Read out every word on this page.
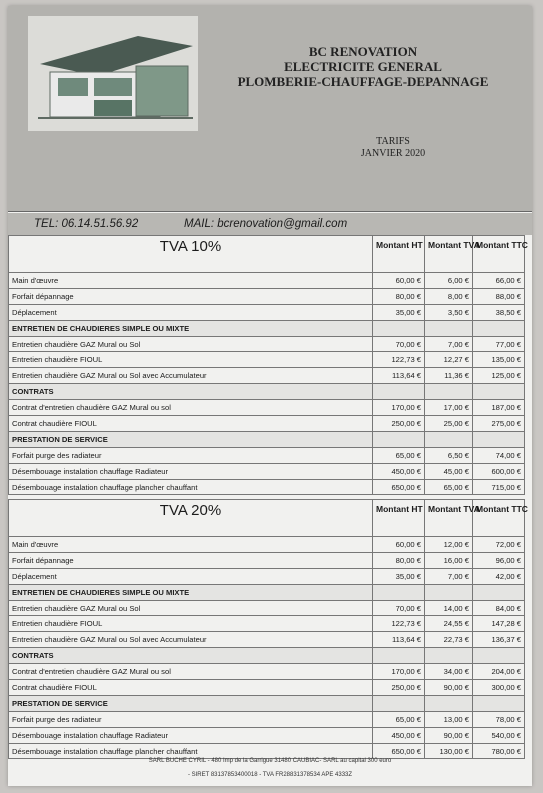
BC RENOVATION
ELECTRICITE GENERAL
PLOMBERIE-CHAUFFAGE-DEPANNAGE
TARIFS
JANVIER 2020
TEL: 06.14.51.56.92	MAIL: bcrenovation@gmail.com
TVA 10%	Montant HT	Montant TVA	Montant TTC
Main d'œuvre	60,00 €	6,00 €	66,00 €
Forfait dépannage	80,00 €	8,00 €	88,00 €
Déplacement	35,00 €	3,50 €	38,50 €
ENTRETIEN DE CHAUDIERES SIMPLE OU MIXTE			
Entretien chaudière GAZ Mural ou Sol	70,00 €	7,00 €	77,00 €
Entretien chaudière FIOUL	122,73 €	12,27 €	135,00 €
Entretien chaudière GAZ Mural ou Sol avec Accumulateur	113,64 €	11,36 €	125,00 €
CONTRATS			
Contrat d'entretien chaudière GAZ Mural ou sol	170,00 €	17,00 €	187,00 €
Contrat chaudière FIOUL	250,00 €	25,00 €	275,00 €
PRESTATION DE SERVICE			
Forfait purge des radiateur	65,00 €	6,50 €	74,00 €
Désembouage instalation chauffage Radiateur	450,00 €	45,00 €	600,00 €
Désembouage instalation chauffage plancher chauffant	650,00 €	65,00 €	715,00 €
TVA 20%	Montant HT	Montant TVA	Montant TTC
Main d'œuvre	60,00 €	12,00 €	72,00 €
Forfait dépannage	80,00 €	16,00 €	96,00 €
Déplacement	35,00 €	7,00 €	42,00 €
ENTRETIEN DE CHAUDIERES SIMPLE OU MIXTE			
Entretien chaudière GAZ Mural ou Sol	70,00 €	14,00 €	84,00 €
Entretien chaudière FIOUL	122,73 €	24,55 €	147,28 €
Entretien chaudière GAZ Mural ou Sol avec Accumulateur	113,64 €	22,73 €	136,37 €
CONTRATS			
Contrat d'entretien chaudière GAZ Mural ou sol	170,00 €	34,00 €	204,00 €
Contrat chaudière FIOUL	250,00 €	90,00 €	300,00 €
PRESTATION DE SERVICE			
Forfait purge des radiateur	65,00 €	13,00 €	78,00 €
Désembouage instalation chauffage Radiateur	450,00 €	90,00 €	540,00 €
Désembouage instalation chauffage plancher chauffant	650,00 €	130,00 €	780,00 €
SARL BUCHE CYRIL - 480 Imp de la Garrigue 31480 CAUBIAC- SARL au capital 300 euro
- SIRET 83137853400018 - TVA FR28831378534 APE 4333Z
